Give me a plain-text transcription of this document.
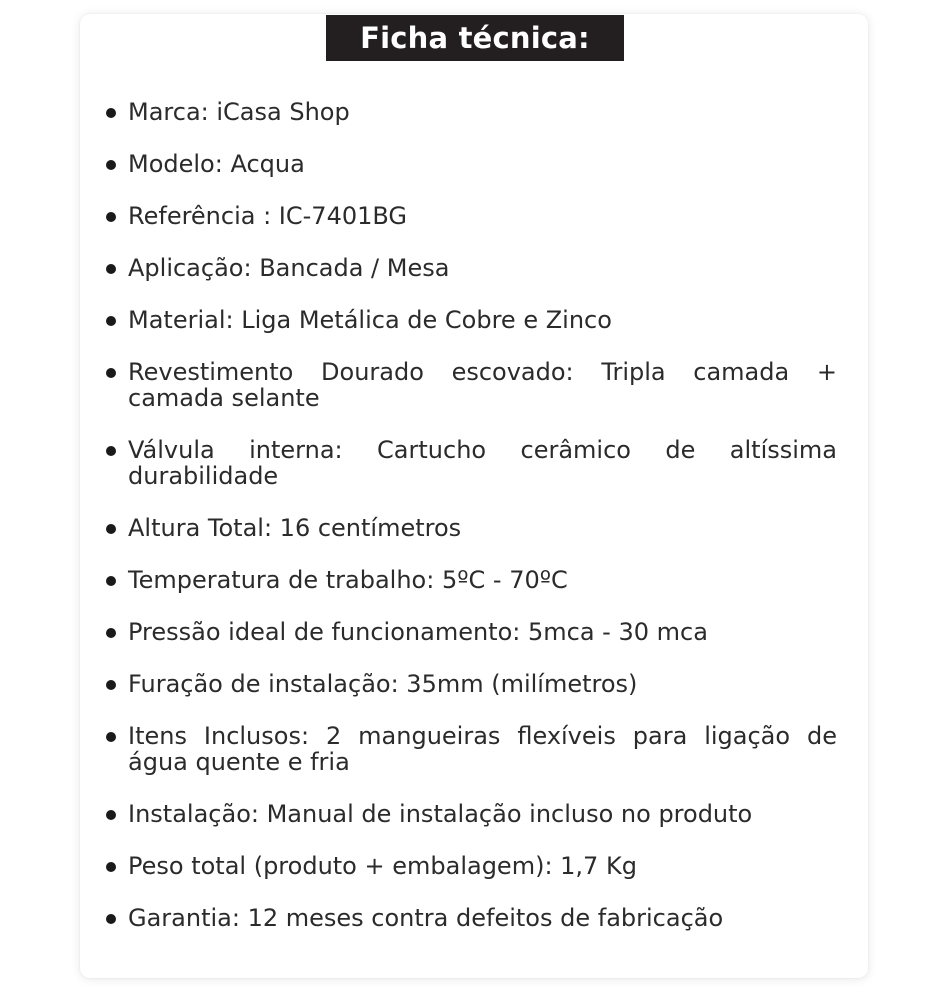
Ficha técnica:
Marca: iCasa Shop
Modelo: Acqua
Referência : IC-7401BG
Aplicação: Bancada / Mesa
Material: Liga Metálica de Cobre e Zinco
Revestimento Dourado escovado: Tripla camada + camada selante
Válvula interna: Cartucho cerâmico de altíssima durabilidade
Altura Total: 16 centímetros
Temperatura de trabalho: 5ºC - 70ºC
Pressão ideal de funcionamento: 5mca - 30 mca
Furação de instalação: 35mm (milímetros)
Itens Inclusos: 2 mangueiras flexíveis para ligação de água quente e fria
Instalação: Manual de instalação incluso no produto
Peso total (produto + embalagem): 1,7 Kg
Garantia: 12 meses contra defeitos de fabricação
